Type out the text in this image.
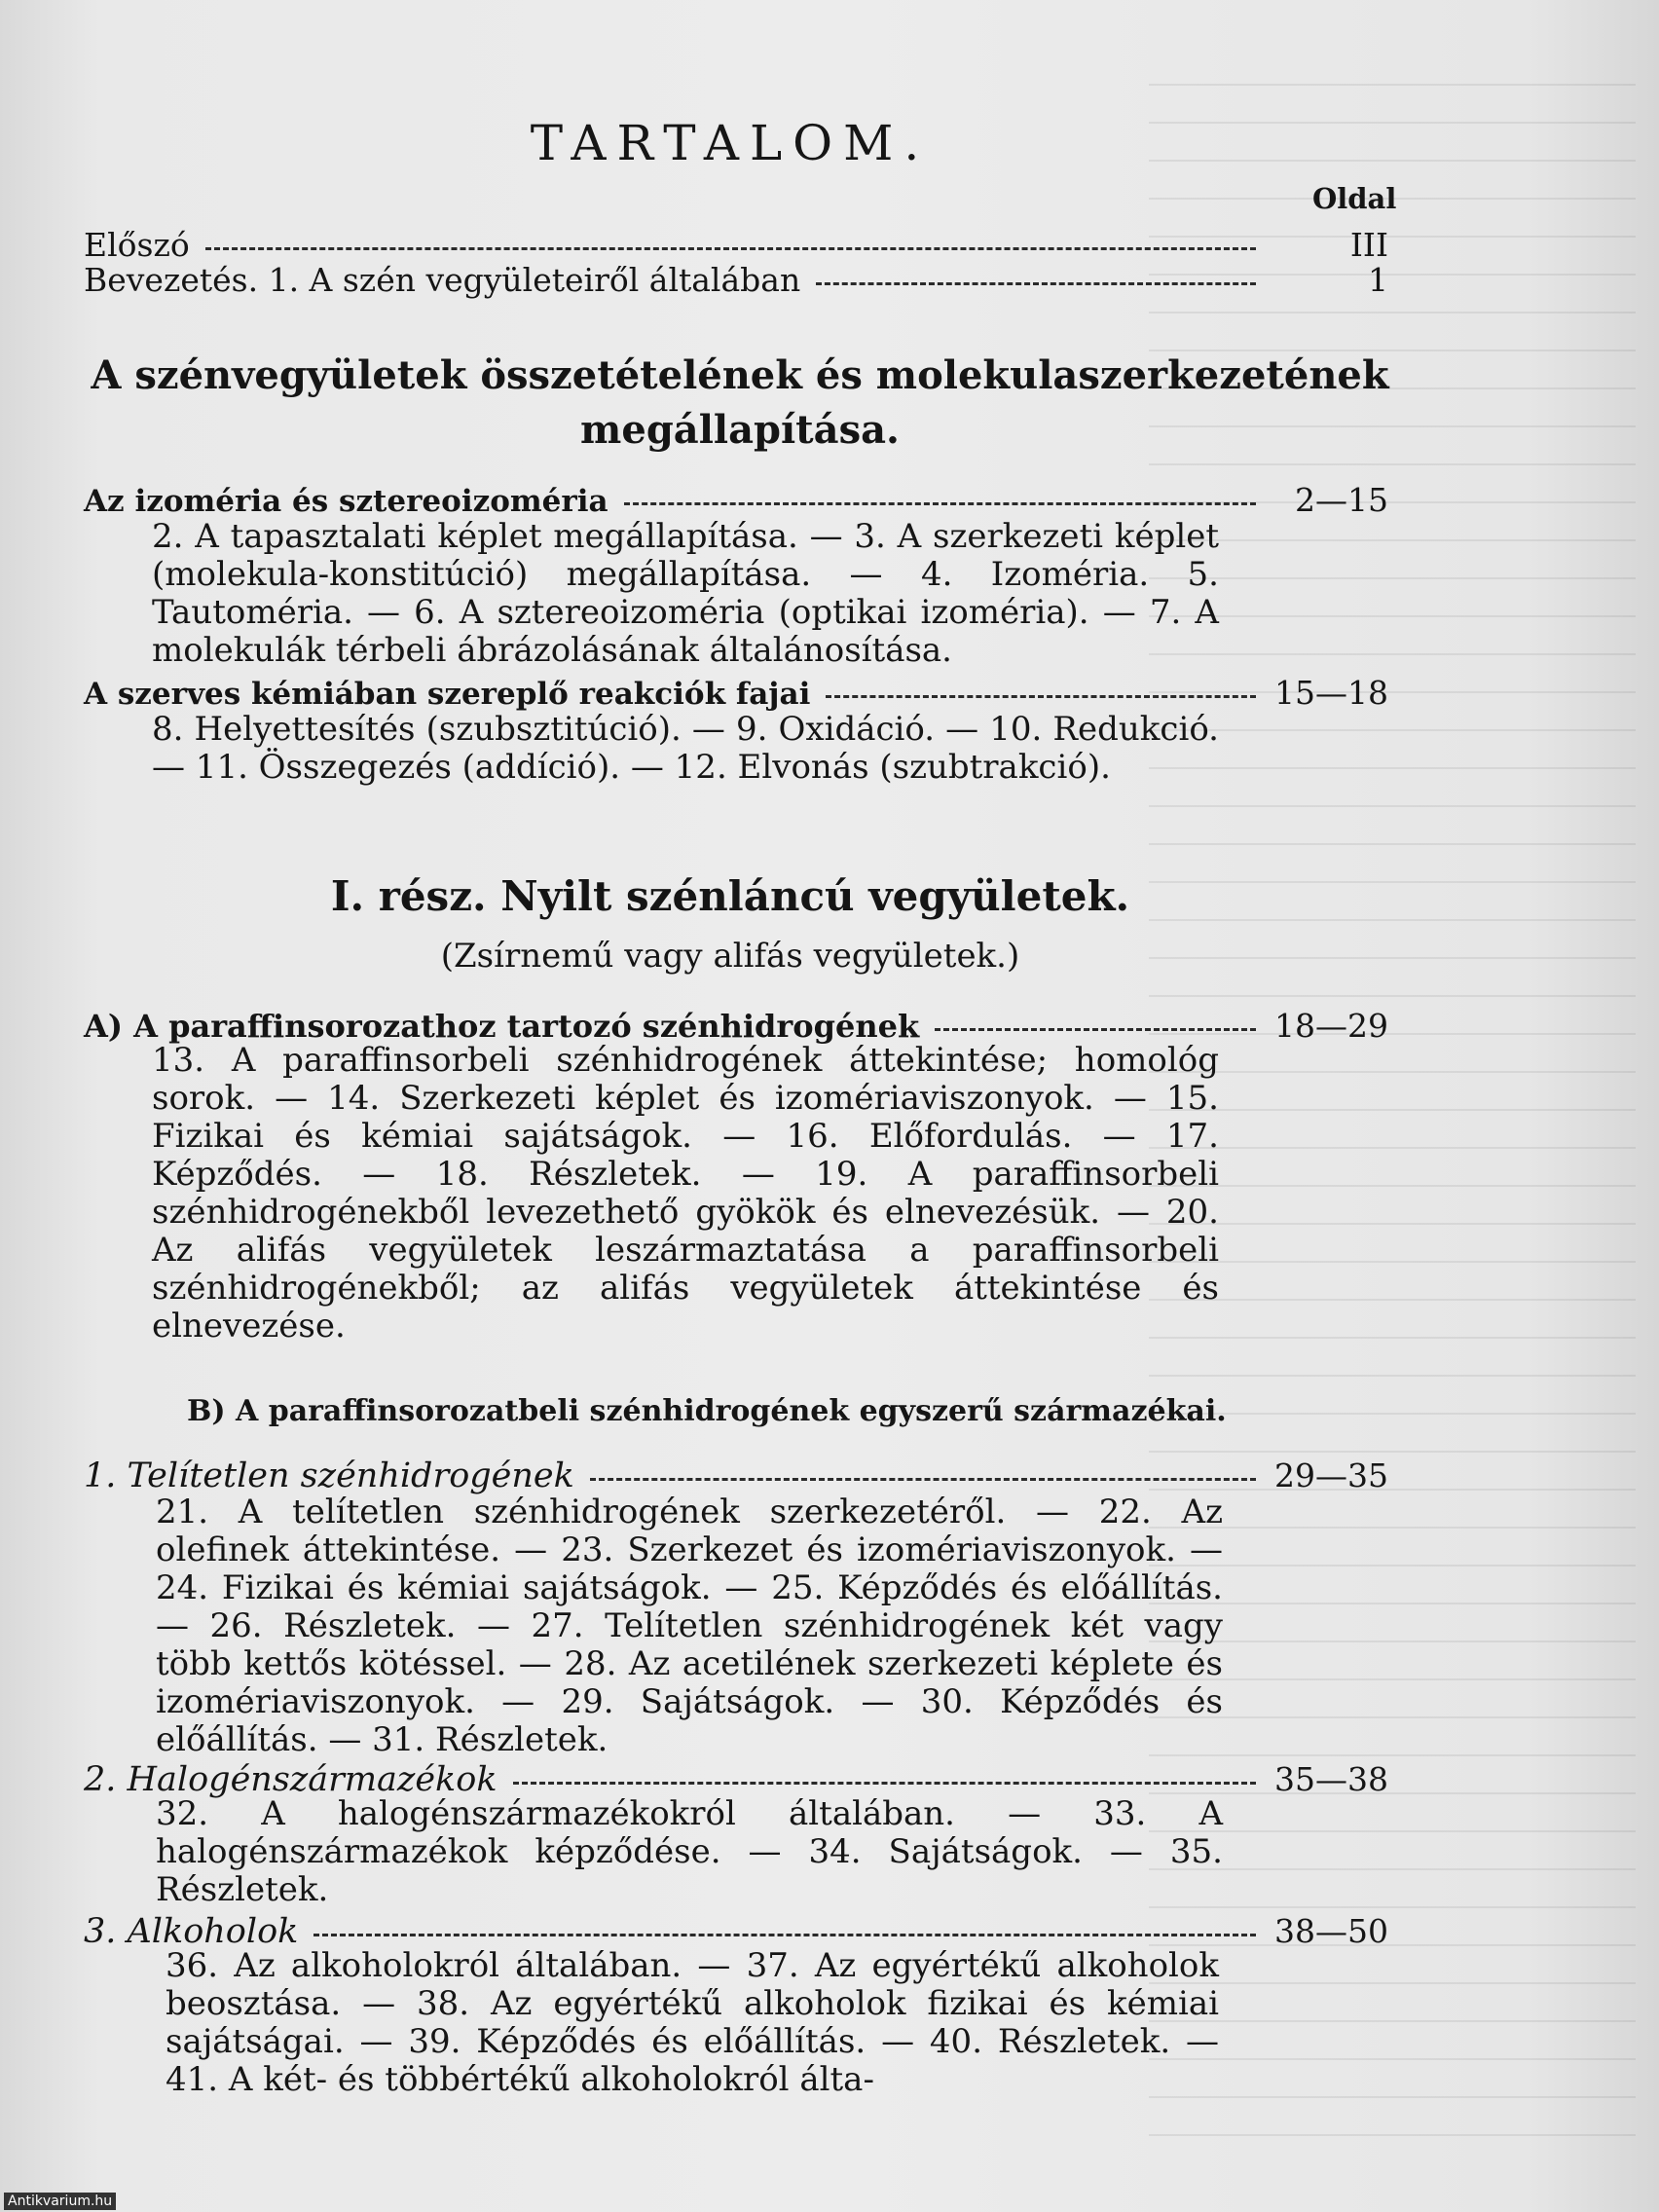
TARTALOM.
Oldal
Előszó	III
Bevezetés. 1. A szén vegyületeiről általában	1
A szénvegyületek összetételének és molekulaszerkezetének
megállapítása.
Az izoméria és sztereoizoméria	2—15

2. A tapasztalati képlet megállapítása. — 3. A szerkezeti képlet (molekula-konstitúció) megállapítása. — 4. Izoméria. 5. Tautoméria. — 6. A sztereoizoméria (optikai izoméria). — 7. A molekulák térbeli ábrázolásának általánosítása.

A szerves kémiában szereplő reakciók fajai	15—18

8. Helyettesítés (szubsztitúció). — 9. Oxidáció. — 10. Redukció. — 11. Összegezés (addíció). — 12. Elvonás (szubtrakció).

I. rész. Nyilt szénláncú vegyületek.
(Zsírnemű vagy alifás vegyületek.)
A) A paraffinsorozathoz tartozó szénhidrogének	18—29

13. A paraffinsorbeli szénhidrogének áttekintése; homológ sorok. — 14. Szerkezeti képlet és izomériaviszonyok. — 15. Fizikai és kémiai sajátságok. — 16. Előfordulás. — 17. Képződés. — 18. Részletek. — 19. A paraffinsorbeli szénhidrogénekből levezethető gyökök és elnevezésük. — 20. Az alifás vegyületek leszármaztatása a paraffinsorbeli szénhidrogénekből; az alifás vegyületek áttekintése és elnevezése.

B) A paraffinsorozatbeli szénhidrogének egyszerű származékai.
1. Telítetlen szénhidrogének	29—35

21. A telítetlen szénhidrogének szerkezetéről. — 22. Az olefinek áttekintése. — 23. Szerkezet és izomériaviszonyok. — 24. Fizikai és kémiai sajátságok. — 25. Képződés és előállítás. — 26. Részletek. — 27. Telítetlen szénhidrogének két vagy több kettős kötéssel. — 28. Az acetilének szerkezeti képlete és izomériaviszonyok. — 29. Sajátságok. — 30. Képződés és előállítás. — 31. Részletek.

2. Halogénszármazékok	35—38

32. A halogénszármazékokról általában. — 33. A halogénszármazékok képződése. — 34. Sajátságok. — 35. Részletek.

3. Alkoholok	38—50

36. Az alkoholokról általában. — 37. Az egyértékű alkoholok beosztása. — 38. Az egyértékű alkoholok fizikai és kémiai sajátságai. — 39. Képződés és előállítás. — 40. Részletek. — 41. A két- és többértékű alkoholokról álta-

Antikvarium.hu
